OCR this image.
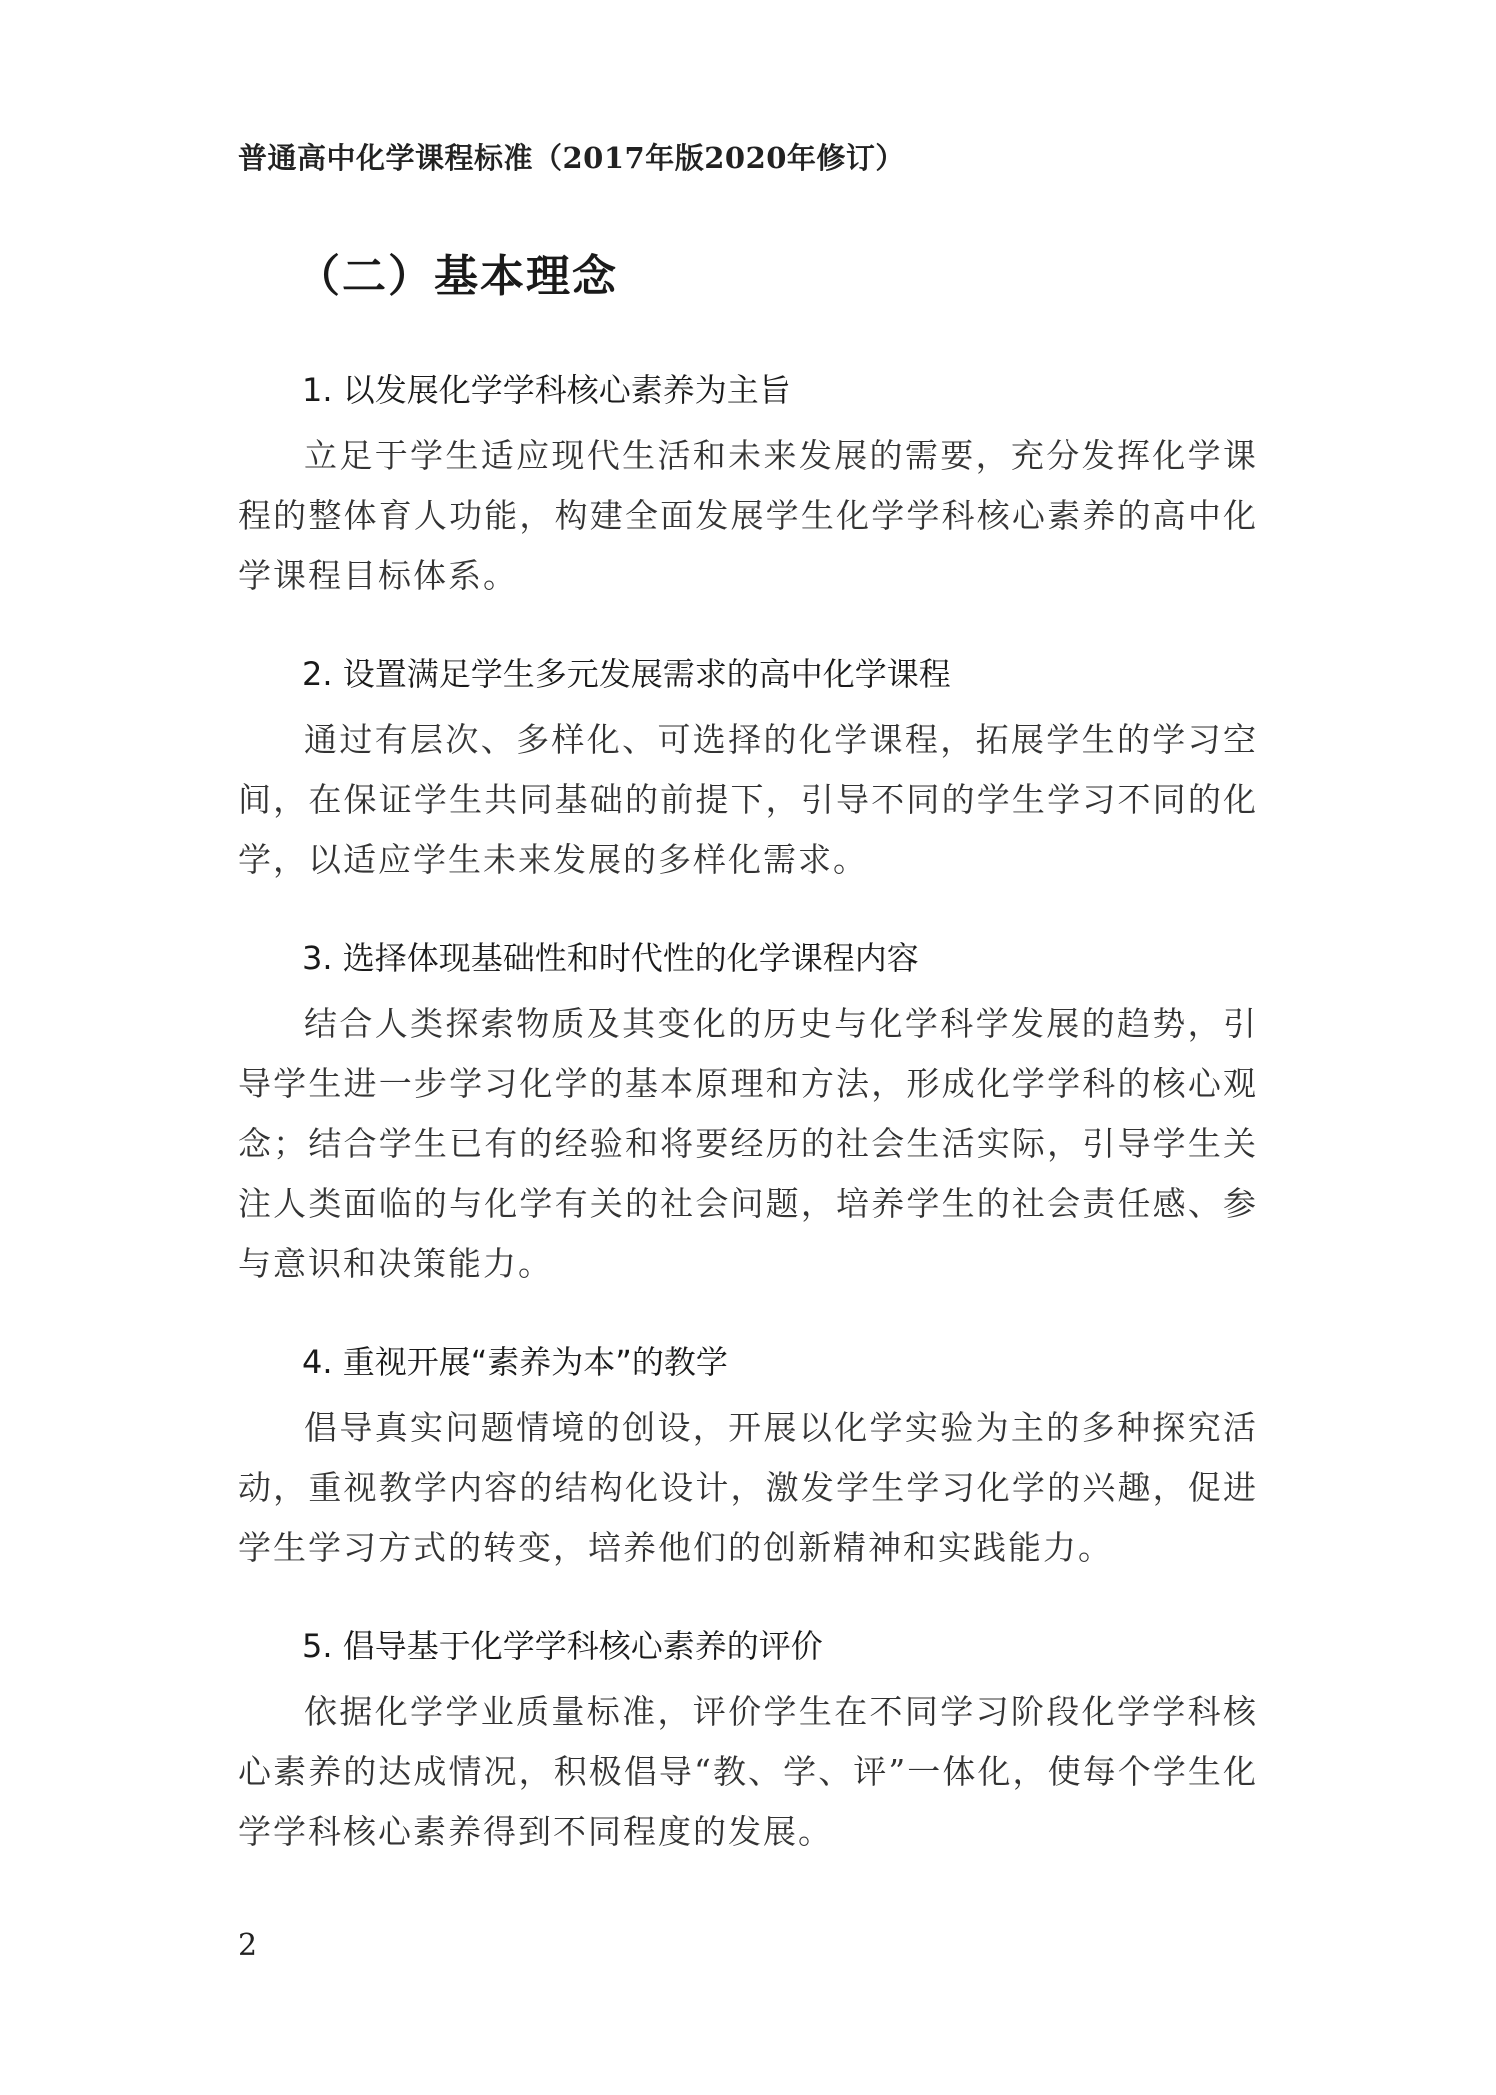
普通高中化学课程标准（2017年版2020年修订）
（二）基本理念
1. 以发展化学学科核心素养为主旨

立足于学生适应现代生活和未来发展的需要，充分发挥化学课程的整体育人功能，构建全面发展学生化学学科核心素养的高中化学课程目标体系。

2. 设置满足学生多元发展需求的高中化学课程

通过有层次、多样化、可选择的化学课程，拓展学生的学习空间，在保证学生共同基础的前提下，引导不同的学生学习不同的化学，以适应学生未来发展的多样化需求。

3. 选择体现基础性和时代性的化学课程内容

结合人类探索物质及其变化的历史与化学科学发展的趋势，引导学生进一步学习化学的基本原理和方法，形成化学学科的核心观念；结合学生已有的经验和将要经历的社会生活实际，引导学生关注人类面临的与化学有关的社会问题，培养学生的社会责任感、参与意识和决策能力。

4. 重视开展“素养为本”的教学

倡导真实问题情境的创设，开展以化学实验为主的多种探究活动，重视教学内容的结构化设计，激发学生学习化学的兴趣，促进学生学习方式的转变，培养他们的创新精神和实践能力。

5. 倡导基于化学学科核心素养的评价

依据化学学业质量标准，评价学生在不同学习阶段化学学科核心素养的达成情况，积极倡导“教、学、评”一体化，使每个学生化学学科核心素养得到不同程度的发展。

2
